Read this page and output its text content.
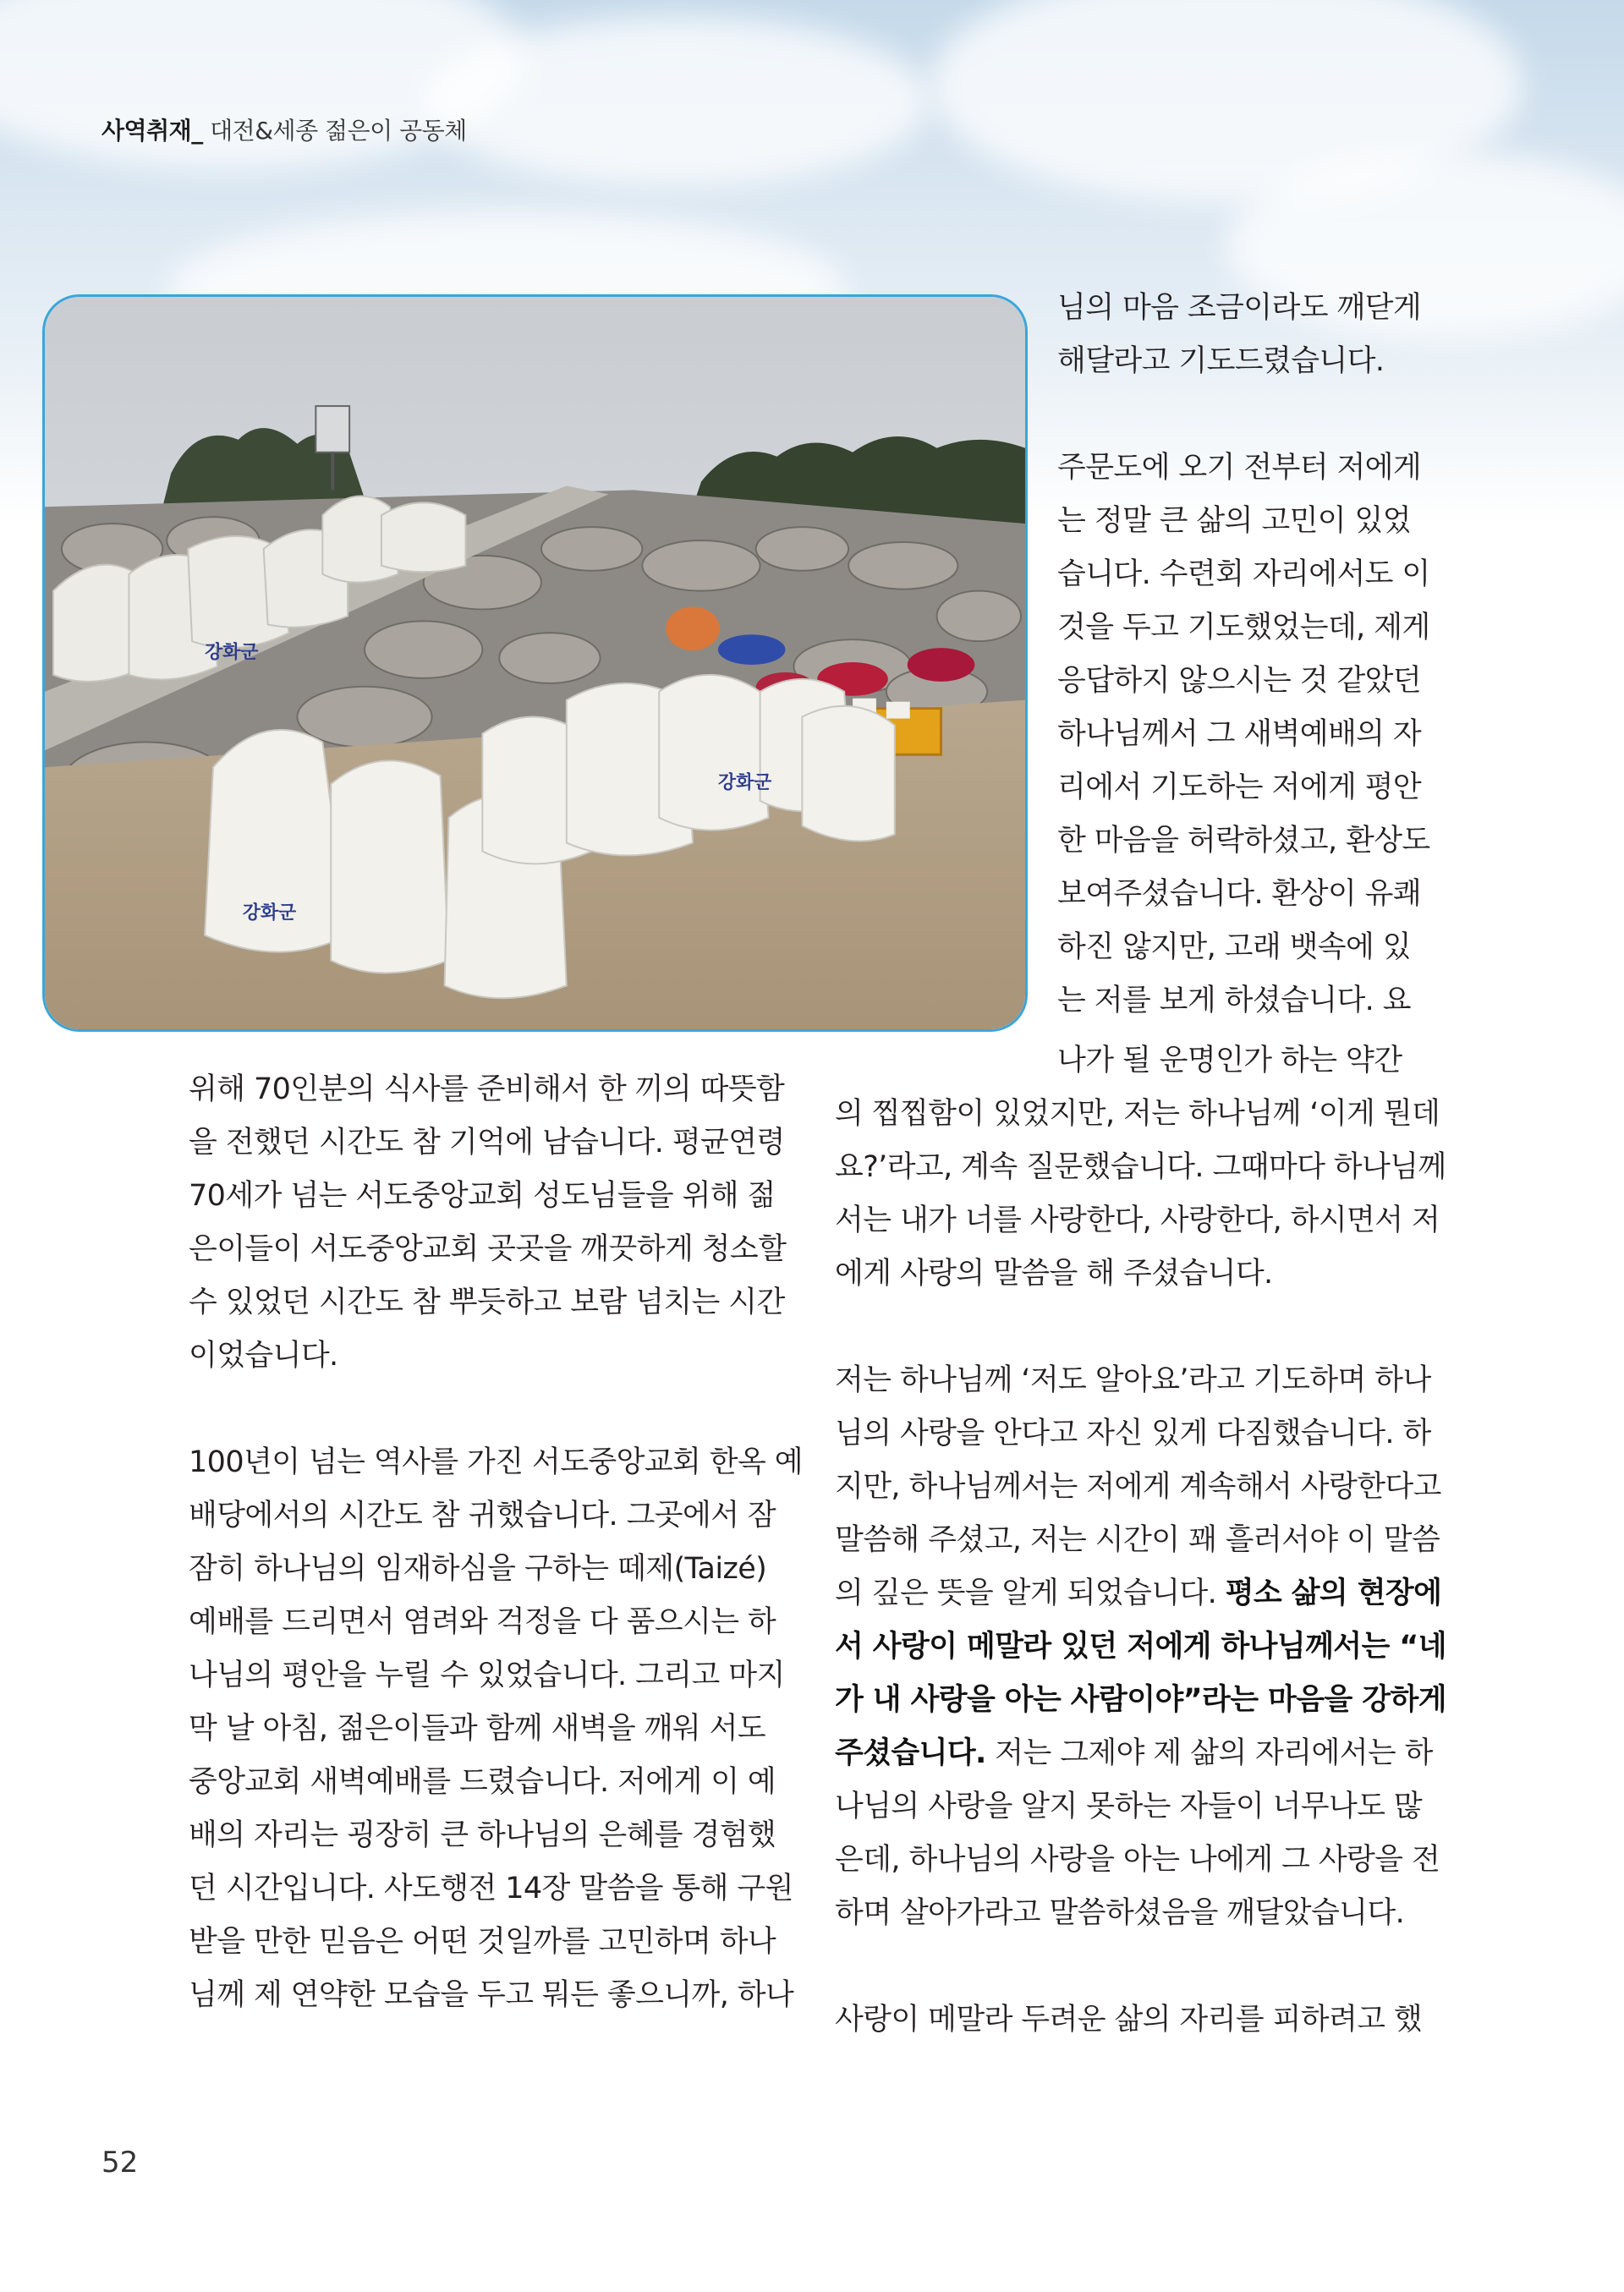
사역취재_ 대전&세종 젊은이 공동체
강화군
강화군
강화군

님의 마음 조금이라도 깨닫게
해달라고 기도드렸습니다.

주문도에 오기 전부터 저에게
는 정말 큰 삶의 고민이 있었
습니다. 수련회 자리에서도 이
것을 두고 기도했었는데, 제게
응답하지 않으시는 것 같았던
하나님께서 그 새벽예배의 자
리에서 기도하는 저에게 평안
한 마음을 허락하셨고, 환상도
보여주셨습니다. 환상이 유쾌
하진 않지만, 고래 뱃속에 있
는 저를 보게 하셨습니다. 요

나가 될 운명인가 하는 약간
의 찝찝함이 있었지만, 저는 하나님께 ‘이게 뭔데
요?’라고, 계속 질문했습니다. 그때마다 하나님께
서는 내가 너를 사랑한다, 사랑한다, 하시면서 저
에게 사랑의 말씀을 해 주셨습니다.

저는 하나님께 ‘저도 알아요’라고 기도하며 하나
님의 사랑을 안다고 자신 있게 다짐했습니다. 하
지만, 하나님께서는 저에게 계속해서 사랑한다고
말씀해 주셨고, 저는 시간이 꽤 흘러서야 이 말씀
의 깊은 뜻을 알게 되었습니다. 평소 삶의 현장에
서 사랑이 메말라 있던 저에게 하나님께서는 “네
가 내 사랑을 아는 사람이야”라는 마음을 강하게
주셨습니다. 저는 그제야 제 삶의 자리에서는 하
나님의 사랑을 알지 못하는 자들이 너무나도 많
은데, 하나님의 사랑을 아는 나에게 그 사랑을 전
하며 살아가라고 말씀하셨음을 깨달았습니다.

사랑이 메말라 두려운 삶의 자리를 피하려고 했

위해 70인분의 식사를 준비해서 한 끼의 따뜻함
을 전했던 시간도 참 기억에 남습니다. 평균연령
70세가 넘는 서도중앙교회 성도님들을 위해 젊
은이들이 서도중앙교회 곳곳을 깨끗하게 청소할
수 있었던 시간도 참 뿌듯하고 보람 넘치는 시간
이었습니다.

100년이 넘는 역사를 가진 서도중앙교회 한옥 예
배당에서의 시간도 참 귀했습니다. 그곳에서 잠
잠히 하나님의 임재하심을 구하는 떼제(Taizé)
예배를 드리면서 염려와 걱정을 다 품으시는 하
나님의 평안을 누릴 수 있었습니다. 그리고 마지
막 날 아침, 젊은이들과 함께 새벽을 깨워 서도
중앙교회 새벽예배를 드렸습니다. 저에게 이 예
배의 자리는 굉장히 큰 하나님의 은혜를 경험했
던 시간입니다. 사도행전 14장 말씀을 통해 구원
받을 만한 믿음은 어떤 것일까를 고민하며 하나
님께 제 연약한 모습을 두고 뭐든 좋으니까, 하나

52
